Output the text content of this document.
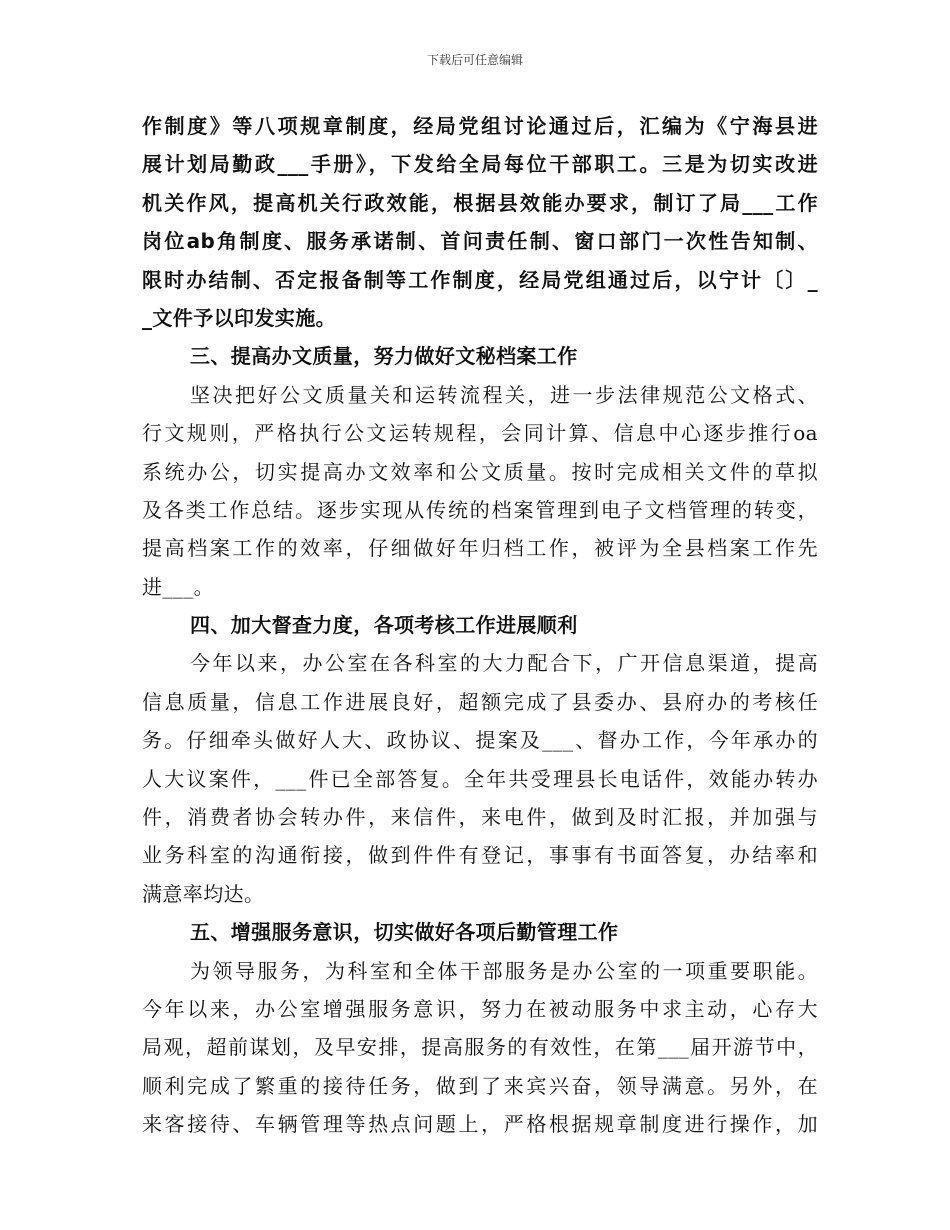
下载后可任意编辑
作制度》等八项规章制度，经局党组讨论通过后，汇编为《宁海县进
展计划局勤政___手册》，下发给全局每位干部职工。三是为切实改进
机关作风，提高机关行政效能，根据县效能办要求，制订了局___工作
岗位ab角制度、服务承诺制、首问责任制、窗口部门一次性告知制、
限时办结制、否定报备制等工作制度，经局党组通过后，以宁计〔〕_
_文件予以印发实施。
三、提高办文质量，努力做好文秘档案工作
坚决把好公文质量关和运转流程关，进一步法律规范公文格式、
行文规则，严格执行公文运转规程，会同计算、信息中心逐步推行oa
系统办公，切实提高办文效率和公文质量。按时完成相关文件的草拟
及各类工作总结。逐步实现从传统的档案管理到电子文档管理的转变，
提高档案工作的效率，仔细做好年归档工作，被评为全县档案工作先
进___。
四、加大督查力度，各项考核工作进展顺利
今年以来，办公室在各科室的大力配合下，广开信息渠道，提高
信息质量，信息工作进展良好，超额完成了县委办、县府办的考核任
务。仔细牵头做好人大、政协议、提案及___、督办工作，今年承办的
人大议案件，___件已全部答复。全年共受理县长电话件，效能办转办
件，消费者协会转办件，来信件，来电件，做到及时汇报，并加强与
业务科室的沟通衔接，做到件件有登记，事事有书面答复，办结率和
满意率均达。
五、增强服务意识，切实做好各项后勤管理工作
为领导服务，为科室和全体干部服务是办公室的一项重要职能。
今年以来，办公室增强服务意识，努力在被动服务中求主动，心存大
局观，超前谋划，及早安排，提高服务的有效性，在第___届开游节中，
顺利完成了繁重的接待任务，做到了来宾兴奋，领导满意。另外，在
来客接待、车辆管理等热点问题上，严格根据规章制度进行操作，加
